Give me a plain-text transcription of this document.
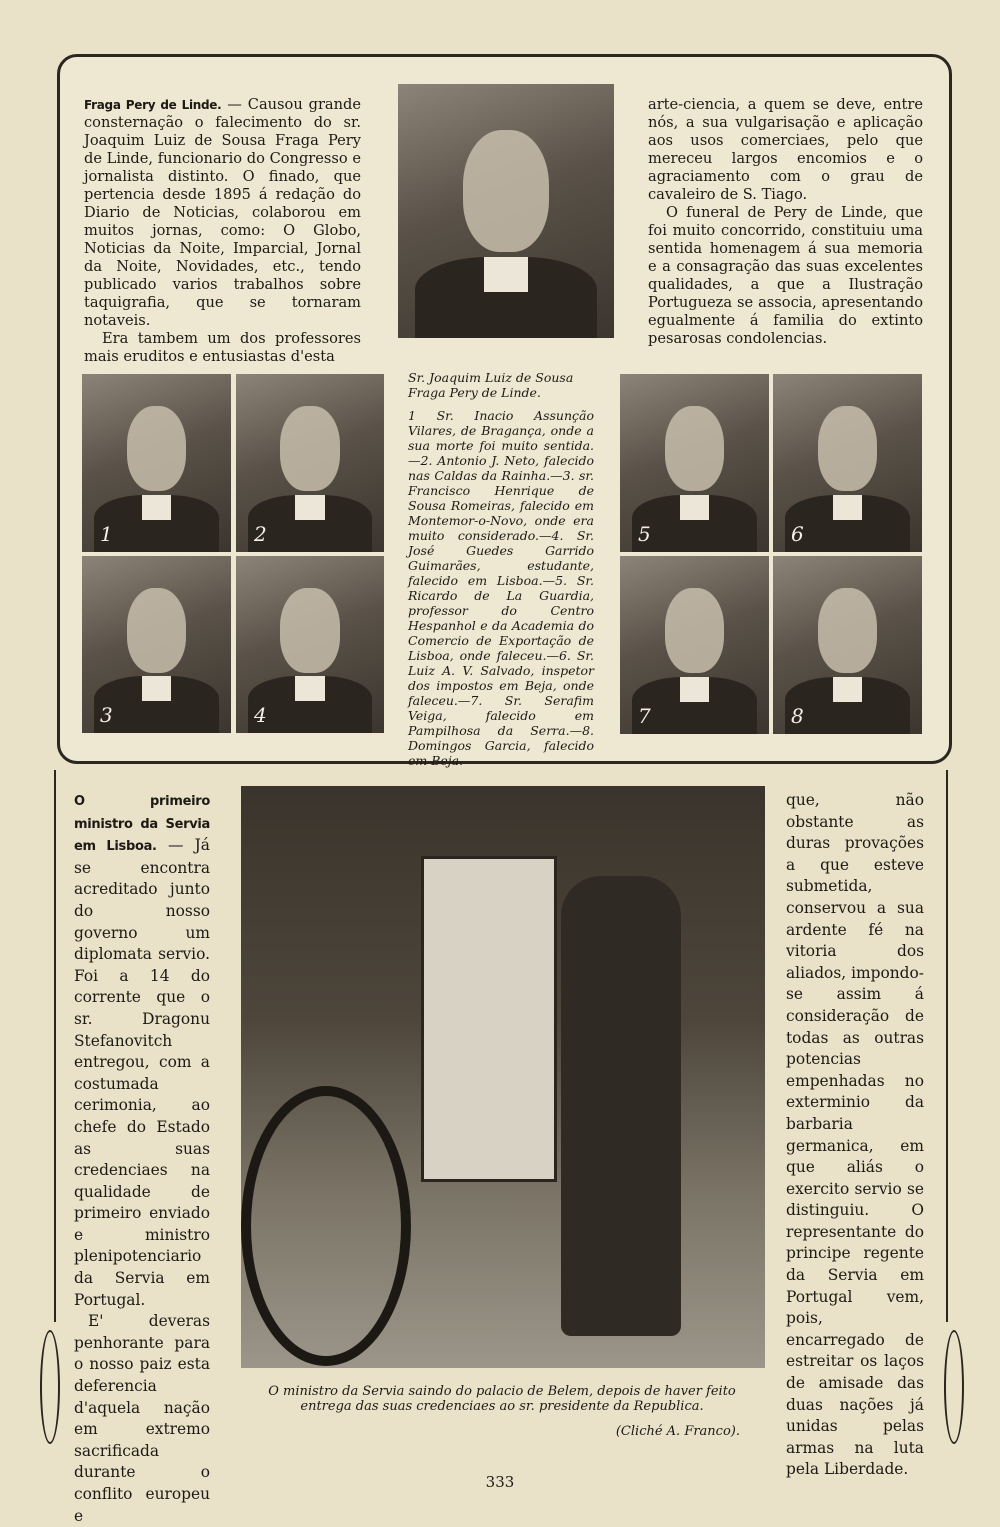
Fraga Pery de Linde. — Causou grande consternação o falecimento do sr. Joaquim Luiz de Sousa Fraga Pery de Linde, funcionario do Congresso e jornalista distinto. O finado, que pertencia desde 1895 á redação do Diario de Noticias, colaborou em muitos jornas, como: O Globo, Noticias da Noite, Imparcial, Jornal da Noite, Novidades, etc., tendo publicado varios trabalhos sobre taquigrafia, que se tornaram notaveis.

Era tambem um dos professores mais eruditos e entusiastas d'esta

arte-ciencia, a quem se deve, entre nós, a sua vulgarisação e aplicação aos usos comerciaes, pelo que mereceu largos encomios e o agraciamento com o grau de cavaleiro de S. Tiago.

O funeral de Pery de Linde, que foi muito concorrido, constituiu uma sentida homenagem á sua memoria e a consagração das suas excelentes qualidades, a que a Ilustração Portugueza se associa, apresentando egualmente á familia do extinto pesarosas condolencias.

1	2
3	4
Sr. Joaquim Luiz de Sousa Fraga Pery de Linde.
1 Sr. Inacio Assunção Vilares, de Bragança, onde a sua morte foi muito sentida.—2. Antonio J. Neto, falecido nas Caldas da Rainha.—3. sr. Francisco Henrique de Sousa Romeiras, falecido em Montemor-o-Novo, onde era muito considerado.—4. Sr. José Guedes Garrido Guimarães, estudante, falecido em Lisboa.—5. Sr. Ricardo de La Guardia, professor do Centro Hespanhol e da Academia do Comercio de Exportação de Lisboa, onde faleceu.—6. Sr. Luiz A. V. Salvado, inspetor dos impostos em Beja, onde faleceu.—7. Sr. Serafim Veiga, falecido em Pampilhosa da Serra.—8. Domingos Garcia, falecido em Beja.
5	6
7	8
O primeiro ministro da Servia em Lisboa. — Já se encontra acreditado junto do nosso governo um diplomata servio. Foi a 14 do corrente que o sr. Dragonu Stefanovitch entregou, com a costumada cerimonia, ao chefe do Estado as suas credenciaes na qualidade de primeiro enviado e ministro plenipotenciario da Servia em Portugal.
E' deveras penhorante para o nosso paiz esta deferencia d'aquela nação em extremo sacrificada durante o conflito europeu e
O ministro da Servia saindo do palacio de Belem, depois de haver feito entrega das suas credenciaes ao sr. presidente da Republica.
(Cliché A. Franco).
que, não obstante as duras provações a que esteve submetida, conservou a sua ardente fé na vitoria dos aliados, impondo-se assim á consideração de todas as outras potencias empenhadas no exterminio da barbaria germanica, em que aliás o exercito servio se distinguiu. O representante do principe regente da Servia em Portugal vem, pois, encarregado de estreitar os laços de amisade das duas nações já unidas pelas armas na luta pela Liberdade.
333
